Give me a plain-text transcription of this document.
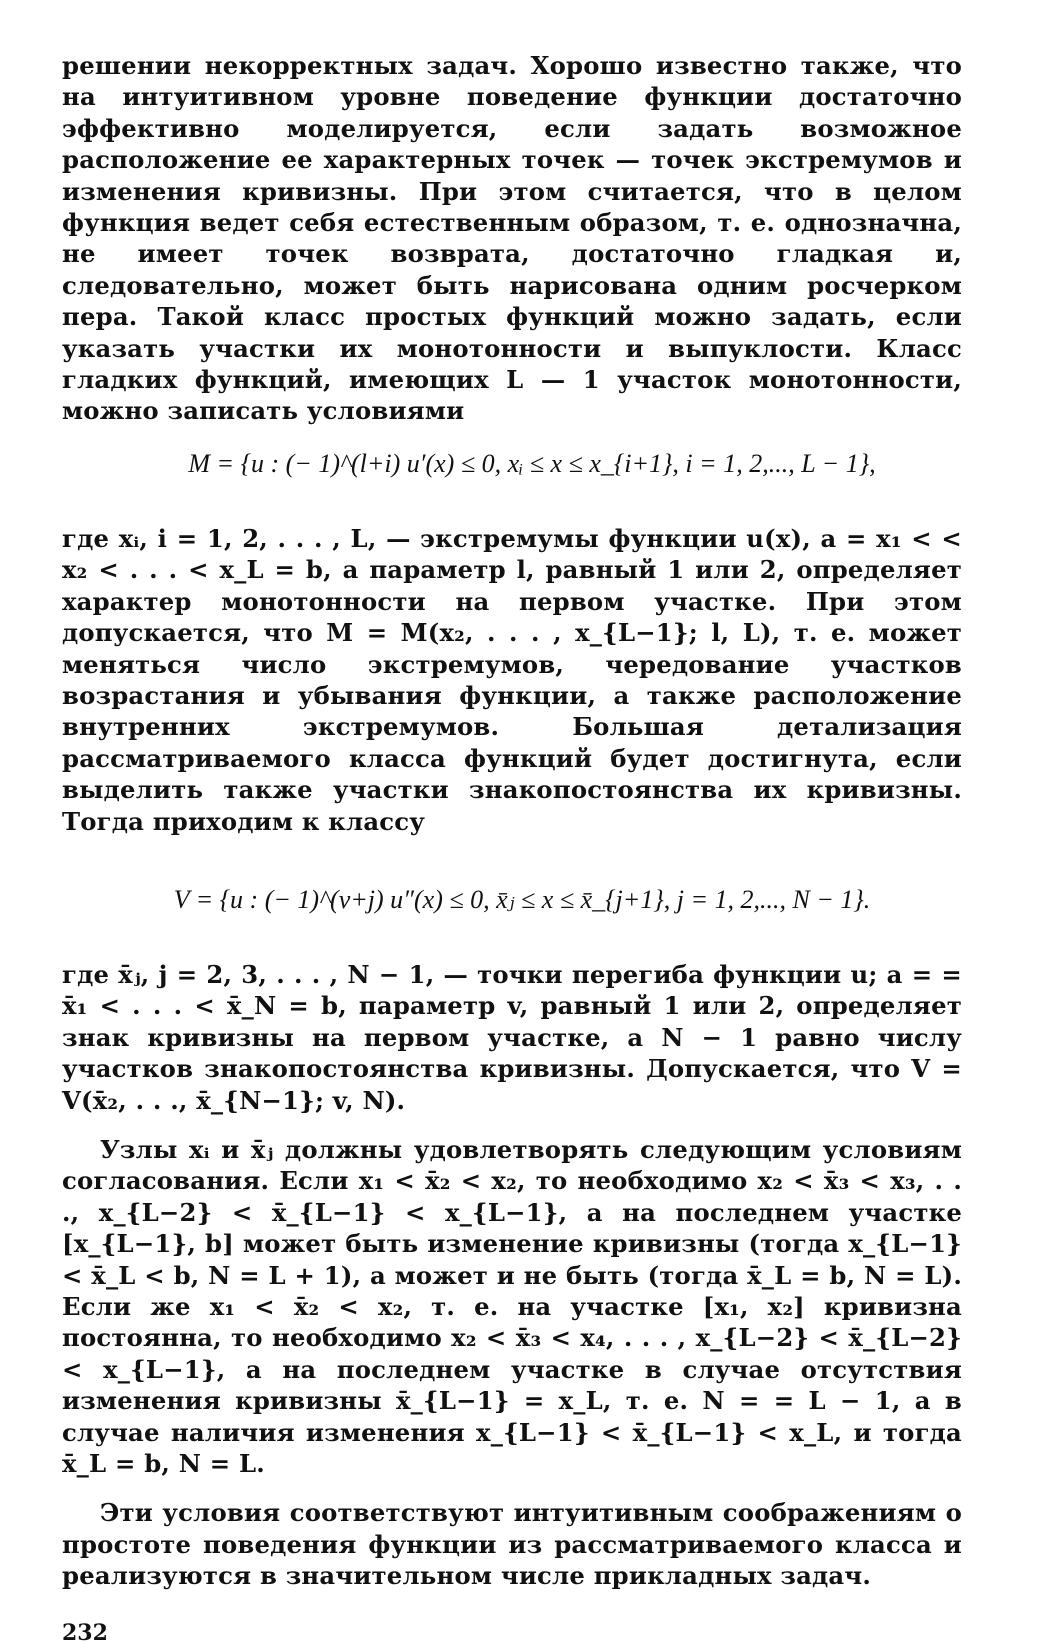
решении некорректных задач. Хорошо известно также, что на интуитивном уровне поведение функции достаточно эффективно моделируется, если задать возможное расположение ее характерных точек — точек экстремумов и изменения кривизны. При этом считается, что в целом функция ведет себя естественным образом, т. е. однозначна, не имеет точек возврата, достаточно гладкая и, следовательно, может быть нарисована одним росчерком пера. Такой класс простых функций можно задать, если указать участки их монотонности и выпуклости. Класс гладких функций, имеющих L — 1 участок монотонности, можно записать условиями

M = {u : (− 1)^(l+i) u′(x) ≤ 0, xᵢ ≤ x ≤ x_{i+1}, i = 1, 2,..., L − 1},

где xᵢ, i = 1, 2, . . . , L, — экстремумы функции u(x), a = x₁ < < x₂ < . . . < x_L = b, а параметр l, равный 1 или 2, определяет характер монотонности на первом участке. При этом допускается, что M = M(x₂, . . . , x_{L−1}; l, L), т. е. может меняться число экстремумов, чередование участков возрастания и убывания функции, а также расположение внутренних экстремумов. Большая детализация рассматриваемого класса функций будет достигнута, если выделить также участки знакопостоянства их кривизны. Тогда приходим к классу

V = {u : (− 1)^(v+j) u″(x) ≤ 0, x̄ⱼ ≤ x ≤ x̄_{j+1}, j = 1, 2,..., N − 1}.

где x̄ⱼ, j = 2, 3, . . . , N − 1, — точки перегиба функции u; a = = x̄₁ < . . . < x̄_N = b, параметр v, равный 1 или 2, определяет знак кривизны на первом участке, а N − 1 равно числу участков знакопостоянства кривизны. Допускается, что V = V(x̄₂, . . ., x̄_{N−1}; v, N).

Узлы xᵢ и x̄ⱼ должны удовлетворять следующим условиям согласования. Если x₁ < x̄₂ < x₂, то необходимо x₂ < x̄₃ < x₃, . . ., x_{L−2} < x̄_{L−1} < x_{L−1}, а на последнем участке [x_{L−1}, b] может быть изменение кривизны (тогда x_{L−1} < x̄_L < b, N = L + 1), а может и не быть (тогда x̄_L = b, N = L). Если же x₁ < x̄₂ < x₂, т. е. на участке [x₁, x₂] кривизна постоянна, то необходимо x₂ < x̄₃ < x₄, . . . , x_{L−2} < x̄_{L−2} < x_{L−1}, а на последнем участке в случае отсутствия изменения кривизны x̄_{L−1} = x_L, т. е. N = = L − 1, а в случае наличия изменения x_{L−1} < x̄_{L−1} < x_L, и тогда x̄_L = b, N = L.

Эти условия соответствуют интуитивным соображениям о простоте поведения функции из рассматриваемого класса и реализуются в значительном числе прикладных задач.

232
